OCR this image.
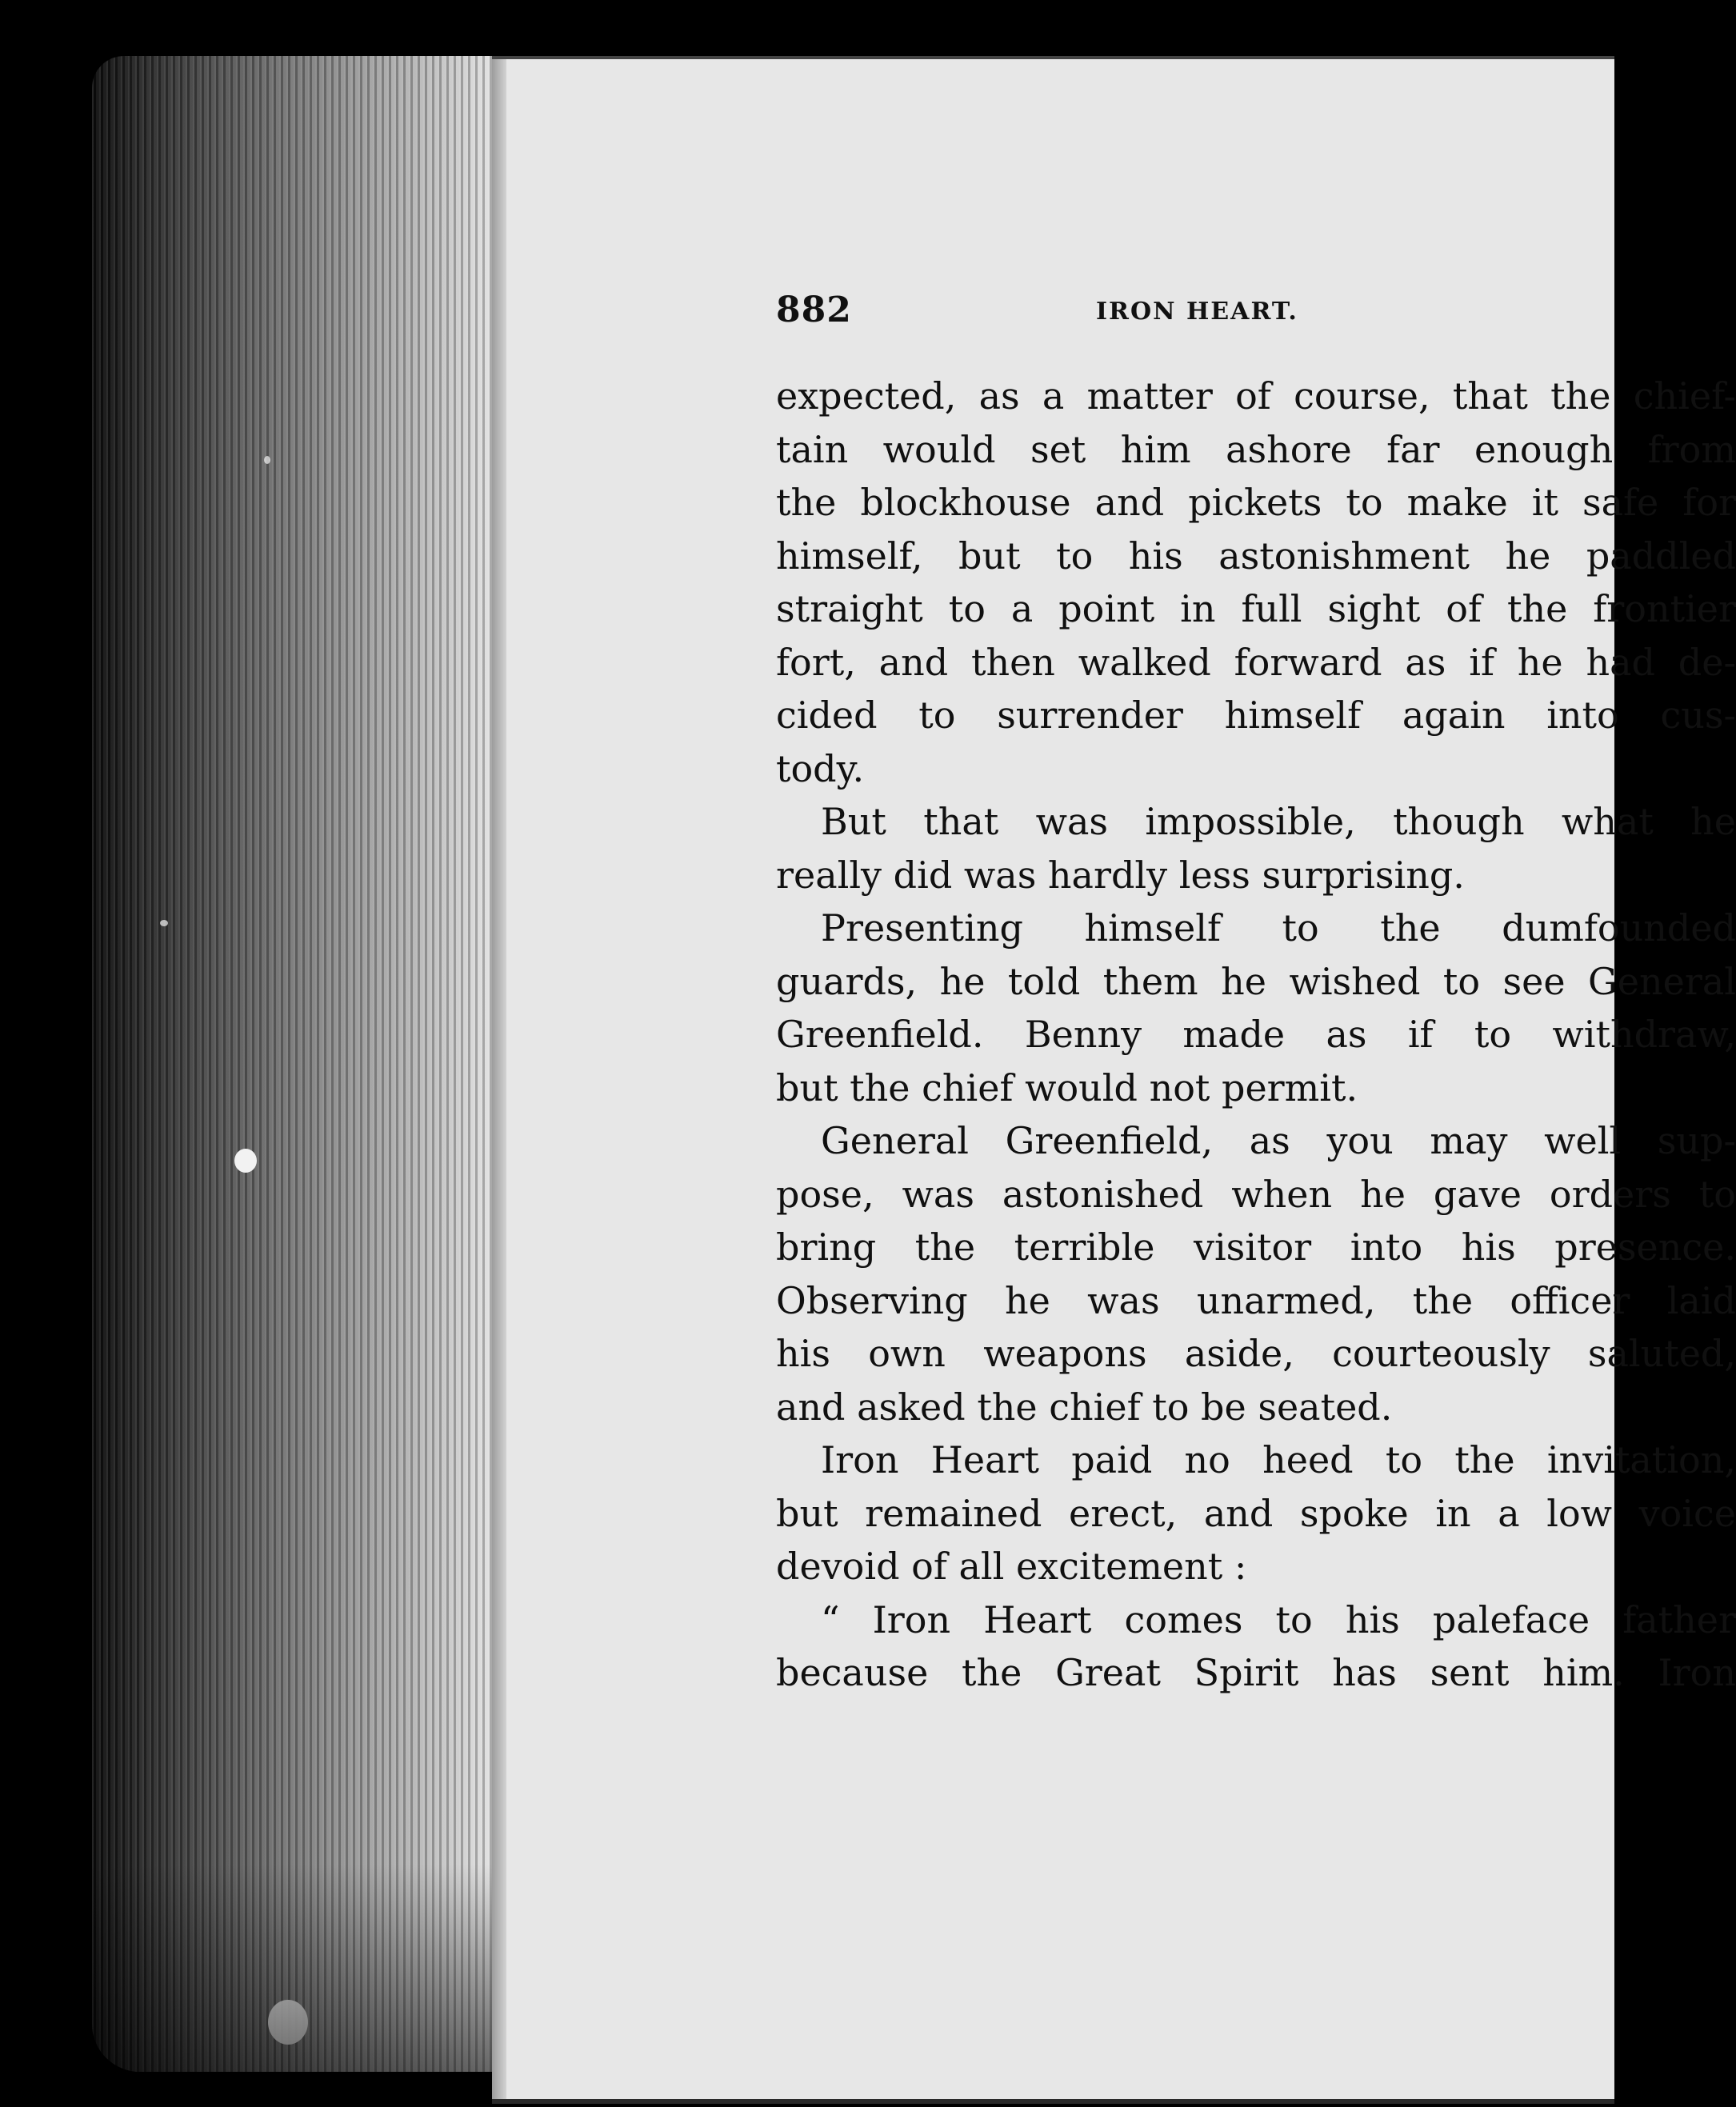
882	IRON HEART.
expected, as a matter of course, that the chief-
tain would set him ashore far enough from
the blockhouse and pickets to make it safe for
himself, but to his astonishment he paddled
straight to a point in full sight of the frontier
fort, and then walked forward as if he had de-
cided to surrender himself again into cus-
tody.
But that was impossible, though what he
really did was hardly less surprising.
Presenting himself to the dumfounded
guards, he told them he wished to see General
Greenfield. Benny made as if to withdraw,
but the chief would not permit.
General Greenfield, as you may well sup-
pose, was astonished when he gave orders to
bring the terrible visitor into his presence.
Observing he was unarmed, the officer laid
his own weapons aside, courteously saluted,
and asked the chief to be seated.
Iron Heart paid no heed to the invitation,
but remained erect, and spoke in a low voice
devoid of all excitement :
“ Iron Heart comes to his paleface father
because the Great Spirit has sent him. Iron
